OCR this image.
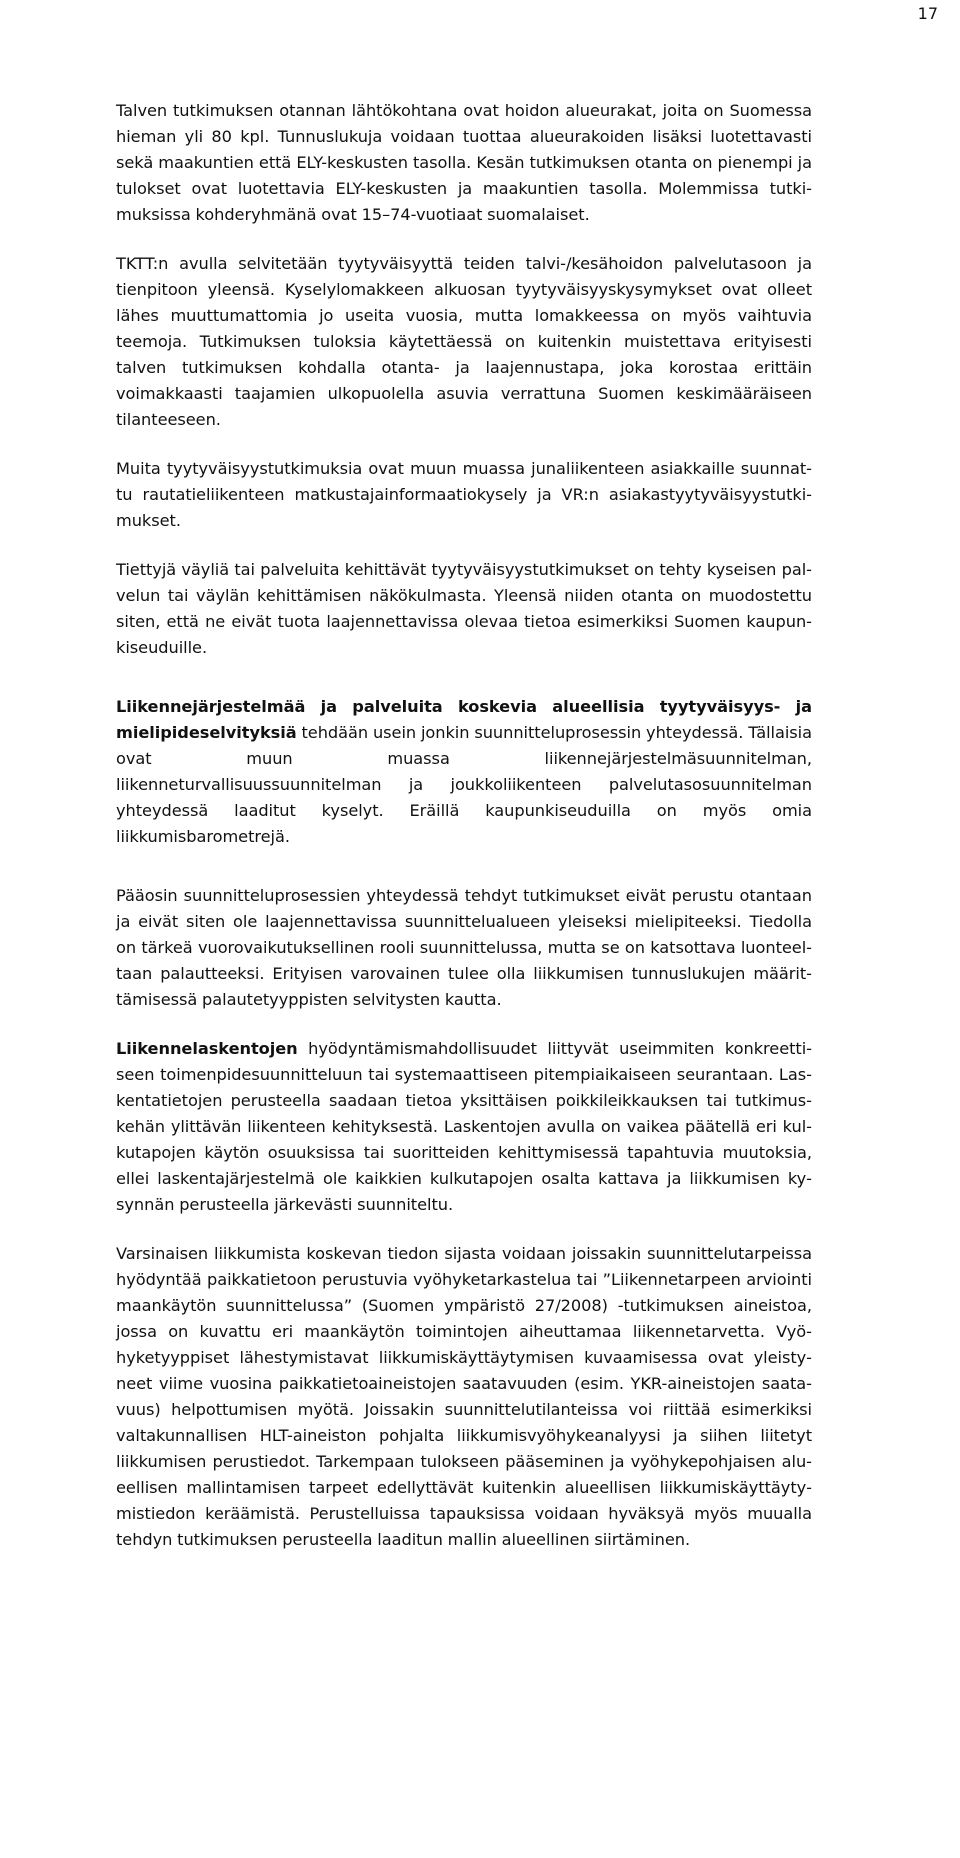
17

Talven tutkimuksen otannan lähtökohtana ovat hoidon alueurakat, joita on Suomessa hieman yli 80 kpl. Tunnuslukuja voidaan tuottaa alueurakoiden lisäksi luotettavasti sekä maakuntien että ELY-keskusten tasolla. Kesän tutkimuksen otanta on pienempi ja tulokset ovat luotettavia ELY-keskusten ja maakuntien tasolla. Molemmissa tutkimuksissa kohderyhmänä ovat 15–74-vuotiaat suomalaiset.

TKTT:n avulla selvitetään tyytyväisyyttä teiden talvi-/kesähoidon palvelutasoon ja tienpitoon yleensä. Kyselylomakkeen alkuosan tyytyväisyyskysymykset ovat olleet lähes muuttumattomia jo useita vuosia, mutta lomakkeessa on myös vaihtuvia teemoja. Tutkimuksen tuloksia käytettäessä on kuitenkin muistettava erityisesti talven tutkimuksen kohdalla otanta- ja laajennustapa, joka korostaa erittäin voimakkaasti taajamien ulkopuolella asuvia verrattuna Suomen keskimääräiseen tilanteeseen.

Muita tyytyväisyystutkimuksia ovat muun muassa junaliikenteen asiakkaille suunnattu rautatieliikenteen matkustajainformaatiokysely ja VR:n asiakastyytyväisyystutkimukset.

Tiettyjä väyliä tai palveluita kehittävät tyytyväisyystutkimukset on tehty kyseisen palvelun tai väylän kehittämisen näkökulmasta. Yleensä niiden otanta on muodostettu siten, että ne eivät tuota laajennettavissa olevaa tietoa esimerkiksi Suomen kaupunkiseuduille.

Liikennejärjestelmää ja palveluita koskevia alueellisia tyytyväisyys- ja mielipideselvityksiä tehdään usein jonkin suunnitteluprosessin yhteydessä. Tällaisia ovat muun muassa liikennejärjestelmäsuunnitelman, liikenneturvallisuussuunnitelman ja joukkoliikenteen palvelutasosuunnitelman yhteydessä laaditut kyselyt. Eräillä kaupunkiseuduilla on myös omia liikkumisbarometrejä.

Pääosin suunnitteluprosessien yhteydessä tehdyt tutkimukset eivät perustu otantaan ja eivät siten ole laajennettavissa suunnittelualueen yleiseksi mielipiteeksi. Tiedolla on tärkeä vuorovaikutuksellinen rooli suunnittelussa, mutta se on katsottava luonteeltaan palautteeksi. Erityisen varovainen tulee olla liikkumisen tunnuslukujen määrittämisessä palautetyyppisten selvitysten kautta.

Liikennelaskentojen hyödyntämismahdollisuudet liittyvät useimmiten konkreettiseen toimenpidesuunnitteluun tai systemaattiseen pitempiaikaiseen seurantaan. Laskentatietojen perusteella saadaan tietoa yksittäisen poikkileikkauksen tai tutkimuskehän ylittävän liikenteen kehityksestä. Laskentojen avulla on vaikea päätellä eri kulkutapojen käytön osuuksissa tai suoritteiden kehittymisessä tapahtuvia muutoksia, ellei laskentajärjestelmä ole kaikkien kulkutapojen osalta kattava ja liikkumisen kysynnän perusteella järkevästi suunniteltu.

Varsinaisen liikkumista koskevan tiedon sijasta voidaan joissakin suunnittelutarpeissa hyödyntää paikkatietoon perustuvia vyöhyketarkastelua tai ”Liikennetarpeen arviointi maankäytön suunnittelussa” (Suomen ympäristö 27/2008) -tutkimuksen aineistoa, jossa on kuvattu eri maankäytön toimintojen aiheuttamaa liikennetarvetta. Vyöhyketyyppiset lähestymistavat liikkumiskäyttäytymisen kuvaamisessa ovat yleistyneet viime vuosina paikkatietoaineistojen saatavuuden (esim. YKR-aineistojen saatavuus) helpottumisen myötä. Joissakin suunnittelutilanteissa voi riittää esimerkiksi valtakunnallisen HLT-aineiston pohjalta liikkumisvyöhykeanalyysi ja siihen liitetyt liikkumisen perustiedot. Tarkempaan tulokseen pääseminen ja vyöhykepohjaisen alueellisen mallintamisen tarpeet edellyttävät kuitenkin alueellisen liikkumiskäyttäytymistiedon keräämistä. Perustelluissa tapauksissa voidaan hyväksyä myös muualla tehdyn tutkimuksen perusteella laaditun mallin alueellinen siirtäminen.
